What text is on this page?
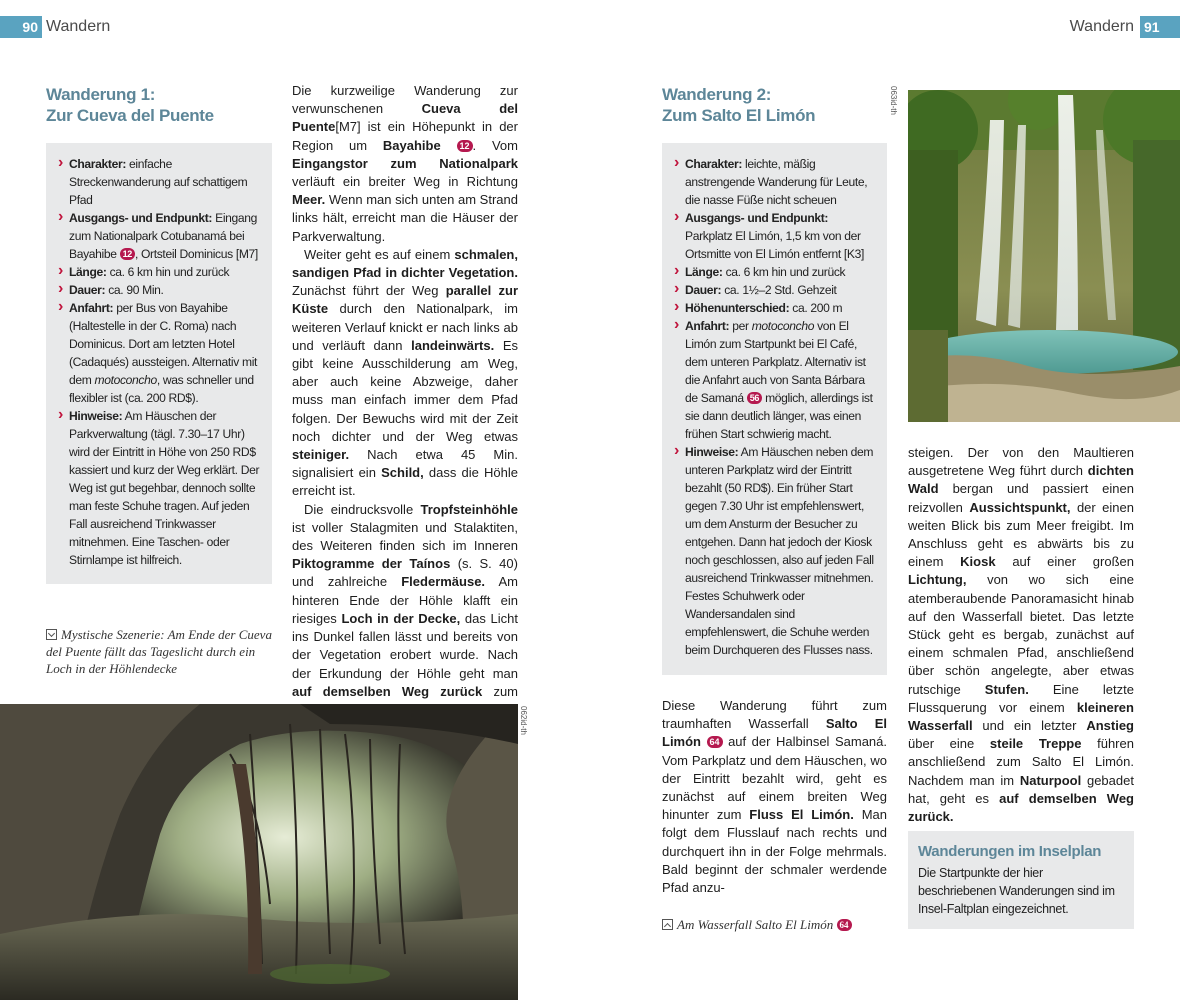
90 Wandern	Wandern 91
Wanderung 1:
Zur Cueva del Puente
› Charakter: einfache Streckenwanderung auf schattigem Pfad
› Ausgangs- und Endpunkt: Eingang zum Nationalpark Cotubanamá bei Bayahibe 12 , Ortsteil Dominicus [M7]
› Länge: ca. 6 km hin und zurück
› Dauer: ca. 90 Min.
› Anfahrt: per Bus von Bayahibe (Haltestelle in der C. Roma) nach Dominicus. Dort am letzten Hotel (Cadaqués) aussteigen. Alternativ mit dem motoconcho, was schneller und flexibler ist (ca. 200 RD$).
› Hinweise: Am Häuschen der Parkverwaltung (tägl. 7.30–17 Uhr) wird der Eintritt in Höhe von 250 RD$ kassiert und kurz der Weg erklärt. Der Weg ist gut begehbar, dennoch sollte man feste Schuhe tragen. Auf jeden Fall ausreichend Trinkwasser mitnehmen. Eine Taschen- oder Stirnlampe ist hilfreich.
Mystische Szenerie: Am Ende der Cueva del Puente fällt das Tageslicht durch ein Loch in der Höhlendecke

Die kurzweilige Wanderung zur verwunschenen	Cueva del Puente[M7] ist ein Höhepunkt in der Region um Bayahibe 12 . Vom Eingangstor zum Nationalpark verläuft ein breiter Weg in Richtung Meer. Wenn man sich unten am Strand links hält, erreicht man die Häuser der Parkverwaltung.

Weiter geht es auf einem schmalen, sandigen Pfad in dichter Vegetation. Zunächst führt der Weg parallel zur Küste durch den Nationalpark, im weiteren Verlauf knickt er nach links ab und verläuft dann landeinwärts. Es gibt keine Ausschilderung am Weg, aber auch keine Abzweige, daher muss man einfach immer dem Pfad folgen. Der Bewuchs wird mit der Zeit noch dichter und der Weg etwas steiniger. Nach etwa 45 Min. signalisiert ein Schild, dass die Höhle erreicht ist.

Die eindrucksvolle Tropfsteinhöhle ist voller Stalagmiten und Stalaktiten, des Weiteren finden sich im Inneren Piktogramme der Taínos (s. S. 40) und zahlreiche Fledermäuse. Am hinteren Ende der Höhle klafft ein riesiges Loch in der Decke, das Licht ins Dunkel fallen lässt und bereits von der Vegetation erobert wurde. Nach der Erkundung der Höhle geht man auf demselben Weg zurück zum

062id-th
Wanderung 2:
Zum Salto El Limón
› Charakter: leichte, mäßig anstrengende Wanderung für Leute, die nasse Füße nicht scheuen
› Ausgangs- und Endpunkt: Parkplatz El Limón, 1,5 km von der Ortsmitte von El Limón entfernt [K3]
› Länge: ca. 6 km hin und zurück
› Dauer: ca. 1½–2 Std. Gehzeit
› Höhenunterschied: ca. 200 m
› Anfahrt: per motoconcho von El Limón zum Startpunkt bei El Café, dem unteren Parkplatz. Alternativ ist die Anfahrt auch von Santa Bárbara de Samaná 56 möglich, allerdings ist sie dann deutlich länger, was einen frühen Start schwierig macht.
› Hinweise: Am Häuschen neben dem unteren Parkplatz wird der Eintritt bezahlt (50 RD$). Ein früher Start gegen 7.30 Uhr ist empfehlenswert, um dem Ansturm der Besucher zu entgehen. Dann hat jedoch der Kiosk noch geschlossen, also auf jeden Fall ausreichend Trinkwasser mitnehmen. Festes Schuhwerk oder Wandersandalen sind empfehlenswert, die Schuhe werden beim Durchqueren des Flusses nass.

Diese Wanderung führt zum traumhaften Wasserfall Salto El Limón 64 auf der Halbinsel Samaná. Vom Parkplatz und dem Häuschen, wo der Eintritt bezahlt wird, geht es zunächst auf einem breiten Weg hinunter zum Fluss El Limón. Man folgt dem Flusslauf nach rechts und durchquert ihn in der Folge mehrmals. Bald beginnt der schmaler werdende Pfad anzu-

Am Wasserfall Salto El Limón 64
063id-th

steigen. Der von den Maultieren ausgetretene Weg führt durch dichten Wald bergan und passiert einen reizvollen Aussichtspunkt, der einen weiten Blick bis zum Meer freigibt. Im Anschluss geht es abwärts bis zu einem Kiosk auf einer großen Lichtung, von wo sich eine atemberaubende Panoramasicht hinab auf den Wasserfall bietet. Das letzte Stück geht es bergab, zunächst auf einem schmalen Pfad, anschließend über schön angelegte, aber etwas rutschige Stufen. Eine letzte Flussquerung vor einem kleineren Wasserfall und ein letzter Anstieg über eine steile Treppe führen anschließend zum Salto El Limón. Nachdem man im Naturpool gebadet hat, geht es auf demselben Weg zurück.

Wanderungen im Inselplan
Die Startpunkte der hier beschriebenen Wanderungen sind im Insel-Faltplan eingezeichnet.
